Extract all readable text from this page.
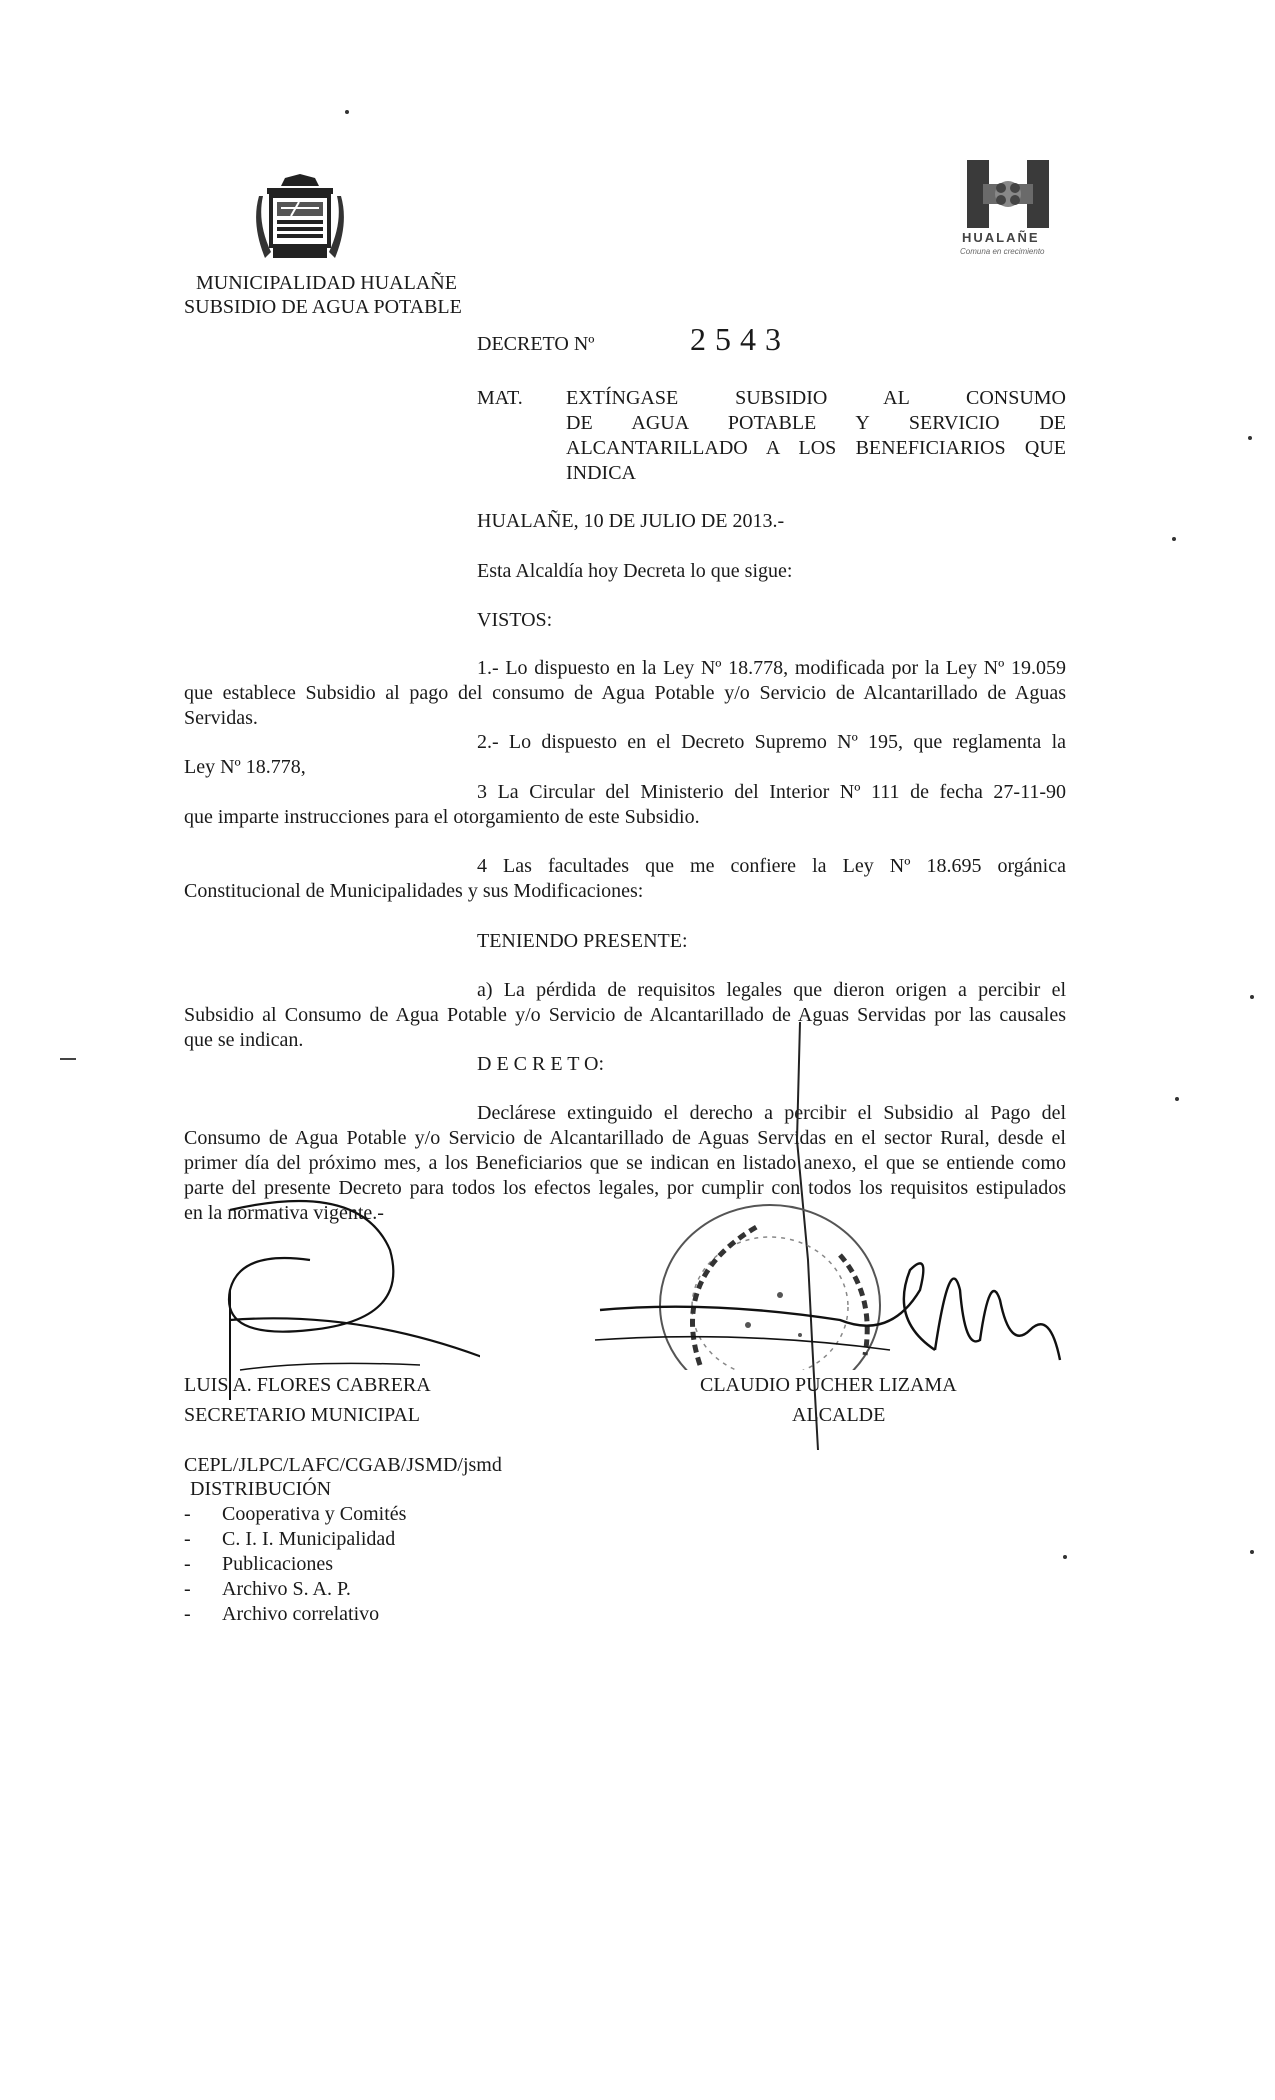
HUALAÑE
Comuna en crecimiento
MUNICIPALIDAD HUALAÑE
SUBSIDIO DE AGUA POTABLE
DECRETO Nº	2543
MAT. EXTÍNGASE SUBSIDIO AL CONSUMO
DE AGUA POTABLE Y SERVICIO DE
ALCANTARILLADO A LOS BENEFICIARIOS QUE
INDICA
HUALAÑE, 10 DE JULIO DE 2013.-
Esta Alcaldía hoy Decreta lo que sigue:
VISTOS:
1.- Lo dispuesto en la Ley Nº 18.778, modificada por la Ley Nº 19.059
que establece Subsidio al pago del consumo de Agua Potable y/o Servicio de Alcantarillado de Aguas
Servidas.
2.- Lo dispuesto en el Decreto Supremo Nº 195, que reglamenta la
Ley Nº 18.778,
3 La Circular del Ministerio del Interior Nº 111 de fecha 27-11-90
que imparte instrucciones para el otorgamiento de este Subsidio.
4 Las facultades que me confiere la Ley Nº 18.695 orgánica
Constitucional de Municipalidades y sus Modificaciones:
TENIENDO PRESENTE:
a) La pérdida de requisitos legales que dieron origen a percibir el
Subsidio al Consumo de Agua Potable y/o Servicio de Alcantarillado de Aguas Servidas por las causales
que se indican.
D E C R E T O:
Declárese extinguido el derecho a percibir el Subsidio al Pago del
Consumo de Agua Potable y/o Servicio de Alcantarillado de Aguas Servidas en el sector Rural, desde el
primer día del próximo mes, a los Beneficiarios que se indican en listado anexo, el que se entiende como
parte del presente Decreto para todos los efectos legales, por cumplir con todos los requisitos estipulados
en la normativa vigente.-
LUIS A. FLORES CABRERA
SECRETARIO MUNICIPAL
CLAUDIO PUCHER LIZAMA
ALCALDE
CEPL/JLPC/LAFC/CGAB/JSMD/jsmd
DISTRIBUCIÓN
- Cooperativa y Comités
- C. I. I. Municipalidad
- Publicaciones
- Archivo S. A. P.
- Archivo correlativo
